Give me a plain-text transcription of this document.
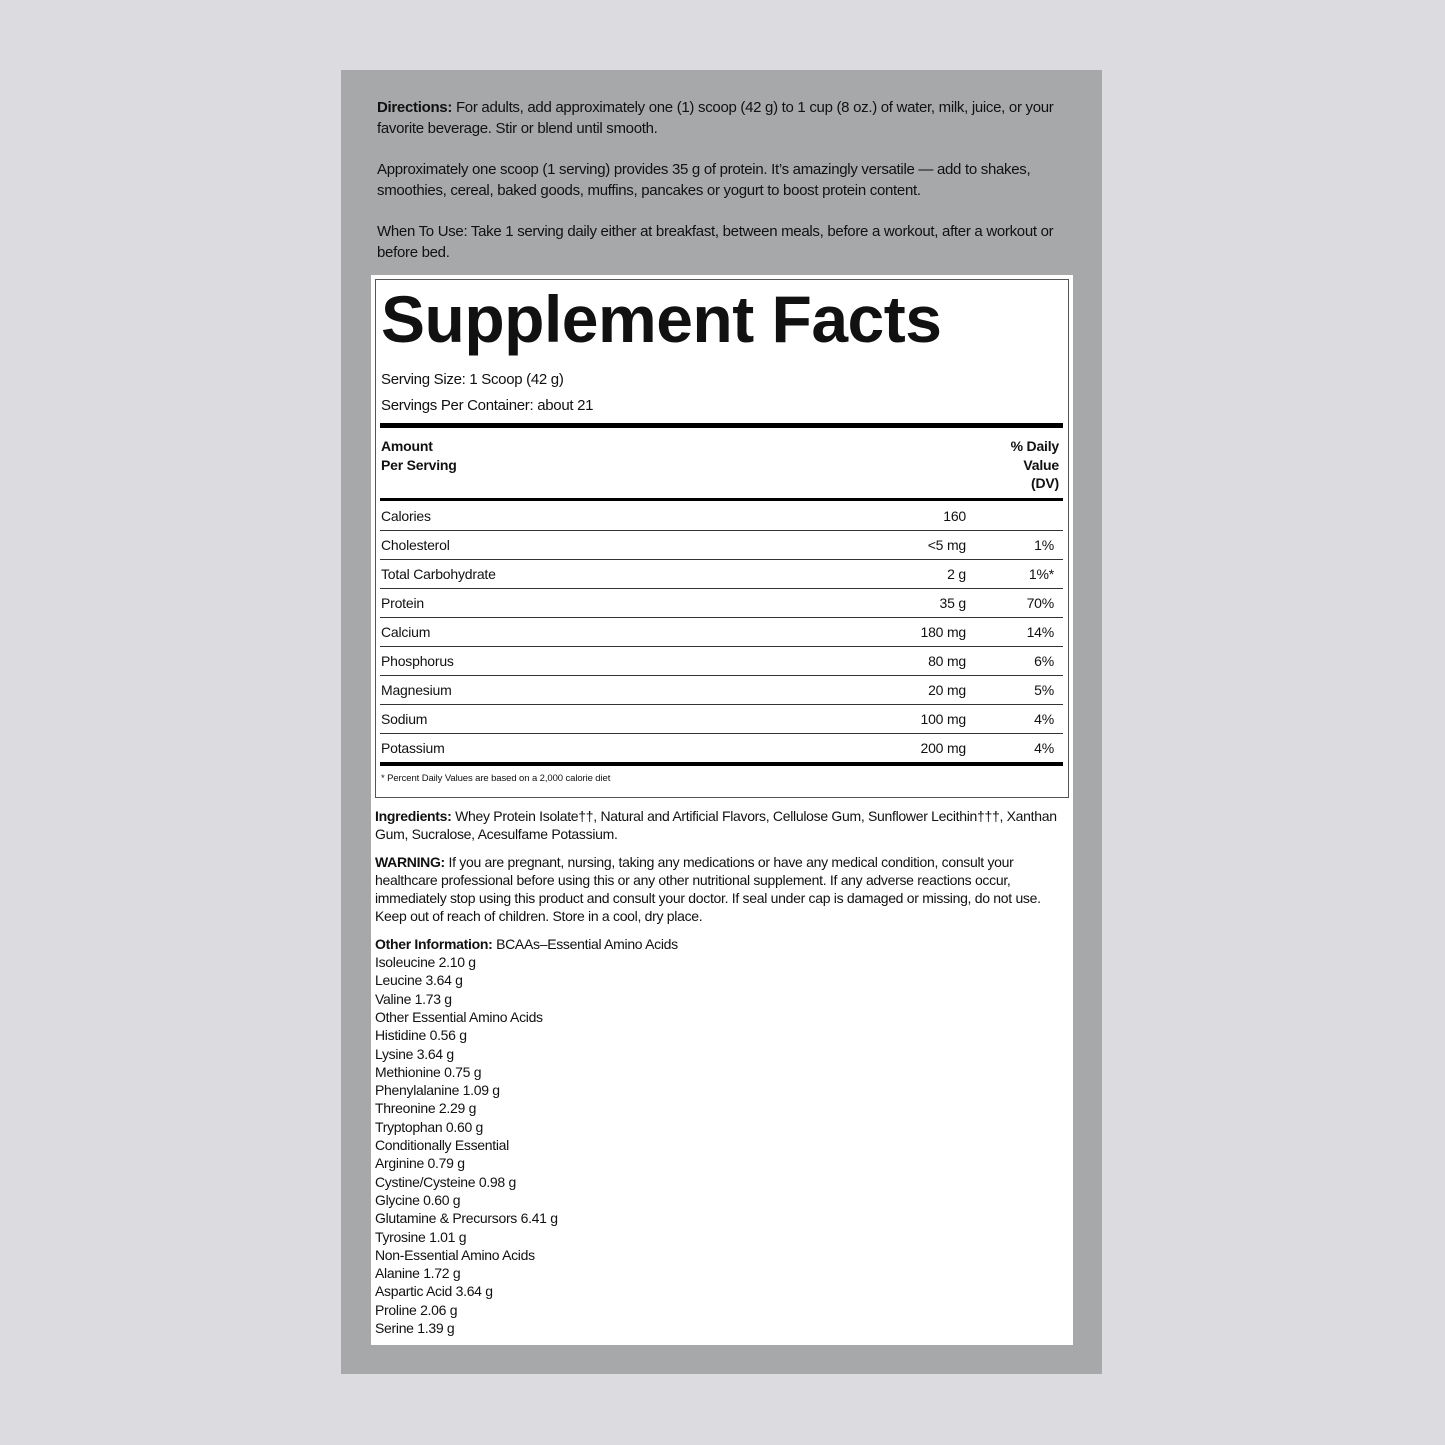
Directions: For adults, add approximately one (1) scoop (42 g) to 1 cup (8 oz.) of water, milk, juice, or your favorite beverage. Stir or blend until smooth.

Approximately one scoop (1 serving) provides 35 g of protein. It’s amazingly versatile — add to shakes, smoothies, cereal, baked goods, muffins, pancakes or yogurt to boost protein content.

When To Use: Take 1 serving daily either at breakfast, between meals, before a workout, after a workout or before bed.

Supplement Facts
Serving Size: 1 Scoop (42 g)
Servings Per Container: about 21
Amount
Per Serving
% Daily
Value
(DV)
Calories	160
Cholesterol	<5 mg	1%
Total Carbohydrate	2 g	1%*
Protein	35 g	70%
Calcium	180 mg	14%
Phosphorus	80 mg	6%
Magnesium	20 mg	5%
Sodium	100 mg	4%
Potassium	200 mg	4%
* Percent Daily Values are based on a 2,000 calorie diet

Ingredients: Whey Protein Isolate††, Natural and Artificial Flavors, Cellulose Gum, Sunflower Lecithin†††, Xanthan Gum, Sucralose, Acesulfame Potassium.

WARNING: If you are pregnant, nursing, taking any medications or have any medical condition, consult your healthcare professional before using this or any other nutritional supplement. If any adverse reactions occur, immediately stop using this product and consult your doctor. If seal under cap is damaged or missing, do not use. Keep out of reach of children. Store in a cool, dry place.

Other Information: BCAAs–Essential Amino Acids
Isoleucine 2.10 g
Leucine 3.64 g
Valine 1.73 g
Other Essential Amino Acids
Histidine 0.56 g
Lysine 3.64 g
Methionine 0.75 g
Phenylalanine 1.09 g
Threonine 2.29 g
Tryptophan 0.60 g
Conditionally Essential
Arginine 0.79 g
Cystine/Cysteine 0.98 g
Glycine 0.60 g
Glutamine & Precursors 6.41 g
Tyrosine 1.01 g
Non-Essential Amino Acids
Alanine 1.72 g
Aspartic Acid 3.64 g
Proline 2.06 g
Serine 1.39 g
